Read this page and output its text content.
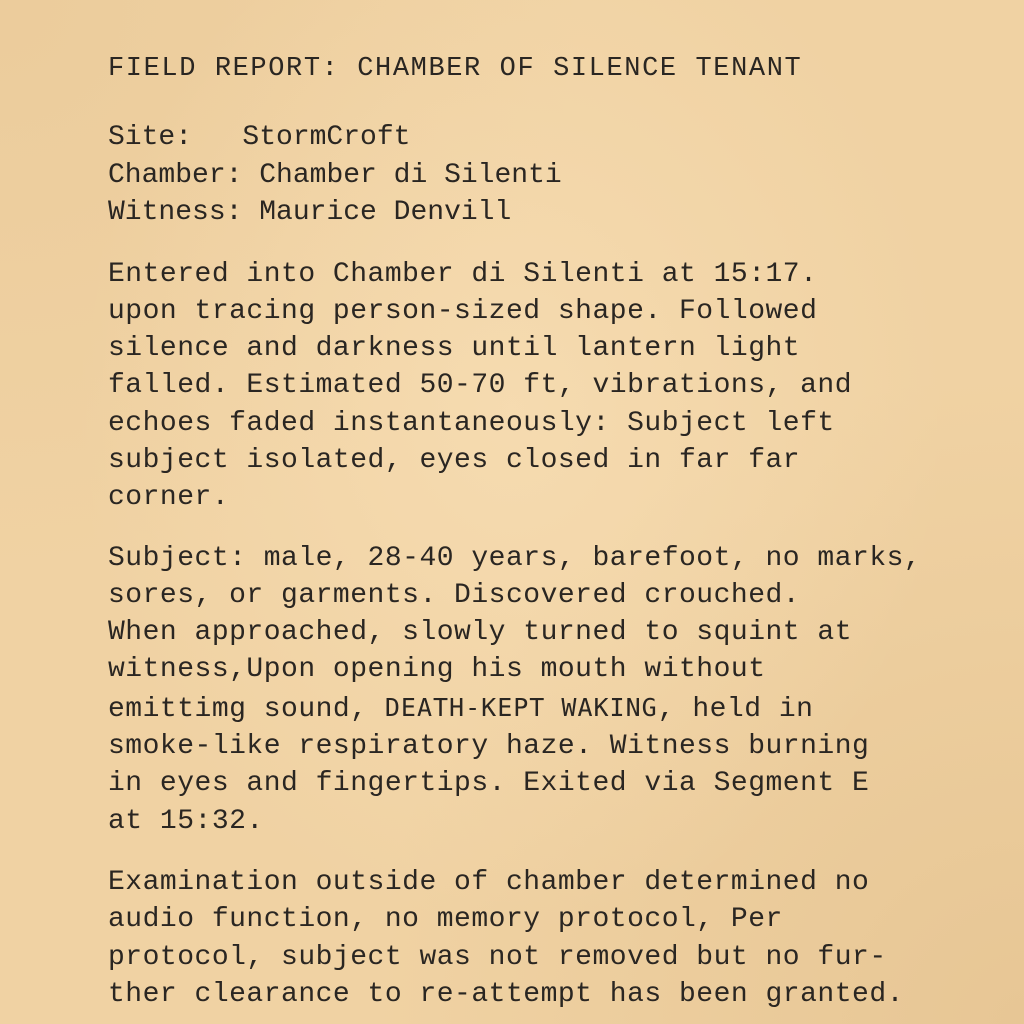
FIELD REPORT: CHAMBER OF SILENCE TENANT
Site:   StormCroft
Chamber: Chamber di Silenti
Witness: Maurice Denvill
Entered into Chamber di Silenti at 15:17.
upon tracing person-sized shape. Followed
silence and darkness until lantern light
falled. Estimated 50-70 ft, vibrations, and
echoes faded instantaneously: Subject left
subject isolated, eyes closed in far far
corner.
Subject: male, 28-40 years, barefoot, no marks,
sores, or garments. Discovered crouched.
When approached, slowly turned to squint at
witness,Upon opening his mouth without
emittimg sound, DEATH-KEPT WAKING, held in
smoke-like respiratory haze. Witness burning
in eyes and fingertips. Exited via Segment E
at 15:32.
Examination outside of chamber determined no
audio function, no memory protocol, Per
protocol, subject was not removed but no fur-
ther clearance to re-attempt has been granted.
